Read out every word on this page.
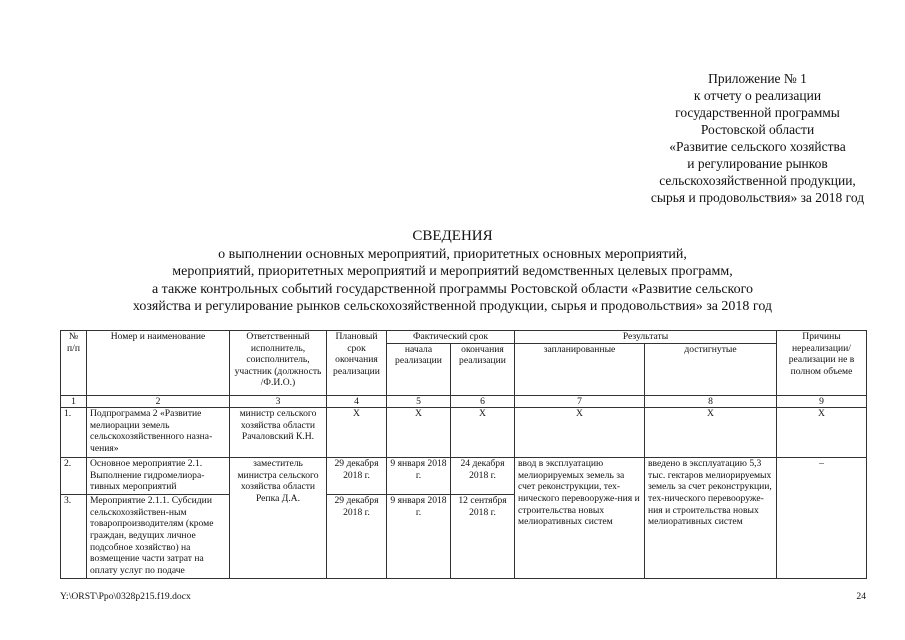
Приложение № 1
к отчету о реализации
государственной программы
Ростовской области
«Развитие сельского хозяйства
и регулирование рынков
сельскохозяйственной продукции,
сырья и продовольствия» за 2018 год
СВЕДЕНИЯ
о выполнении основных мероприятий, приоритетных основных мероприятий,
мероприятий, приоритетных мероприятий и мероприятий ведомственных целевых программ,
а также контрольных событий государственной программы Ростовской области «Развитие сельского
хозяйства и регулирование рынков сельскохозяйственной продукции, сырья и продовольствия» за 2018 год
№ п/п	Номер и наименование	Ответственный исполнитель, соисполнитель, участник (должность /Ф.И.О.)	Плановый срок окончания реализации	Фактический срок		Результаты		Причины нереализации/ реализации не в полном объеме
				начала реализации	окончания реализации	запланированные	достигнутые	
1	2	3	4	5	6	7	8	9
1.	Подпрограмма 2 «Развитие мелиорации земель сельскохозяйственного назна-чения»	министр сельского хозяйства области Рачаловский К.Н.	Х	Х	Х	Х	Х	Х
2.	Основное мероприятие 2.1. Выполнение гидромелиора-тивных мероприятий	заместитель министра сельского хозяйства области Репка Д.А.	29 декабря 2018 г.	9 января 2018 г.	24 декабря 2018 г.	ввод в эксплуатацию мелиорируемых земель за счет реконструкции, тех-нического перевооруже-ния и строительства новых мелиоративных систем	введено в эксплуатацию 5,3 тыс. гектаров мелиорируемых земель за счет реконструкции, тех-нического перевооруже-ния и строительства новых мелиоративных систем	–
3.	Мероприятие 2.1.1. Субсидии сельскохозяйствен-ным товаропроизводителям (кроме граждан, ведущих личное подсобное хозяйство) на возмещение части затрат на оплату услуг по подаче		29 декабря 2018 г.	9 января 2018 г.	12 сентября 2018 г.			
Y:\ORST\Ppo\0328p215.f19.docx	24
